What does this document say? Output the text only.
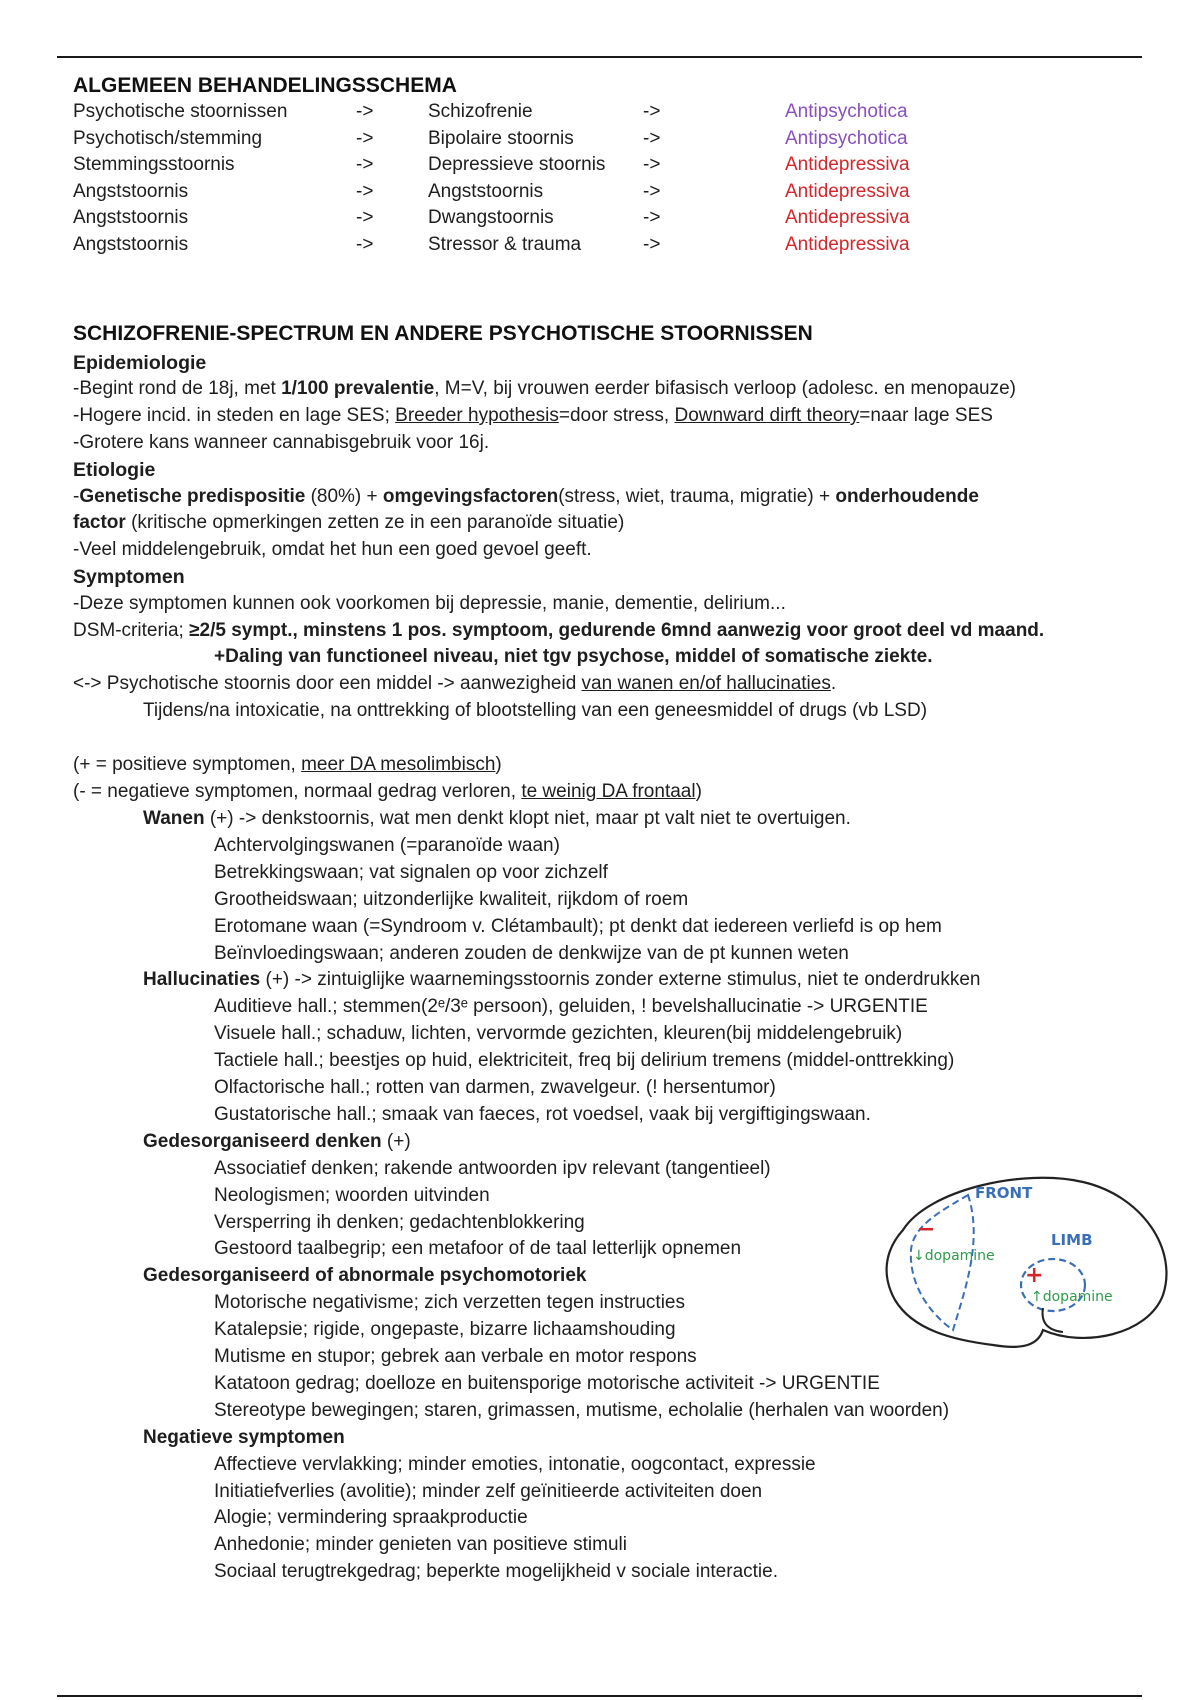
ALGEMEEN BEHANDELINGSSCHEMA
Psychotische stoornissen	->	Schizofrenie	->	Antipsychotica
Psychotisch/stemming	->	Bipolaire stoornis	->	Antipsychotica
Stemmingsstoornis	->	Depressieve stoornis ->	Antidepressiva
Angststoornis	->	Angststoornis	->	Antidepressiva
Angststoornis	->	Dwangstoornis	->	Antidepressiva
Angststoornis	->	Stressor & trauma	->	Antidepressiva
SCHIZOFRENIE-SPECTRUM EN ANDERE PSYCHOTISCHE STOORNISSEN
Epidemiologie
-Begint rond de 18j, met 1/100 prevalentie, M=V, bij vrouwen eerder bifasisch verloop (adolesc. en menopauze)
-Hogere incid. in steden en lage SES; Breeder hypothesis=door stress, Downward dirft theory=naar lage SES
-Grotere kans wanneer cannabisgebruik voor 16j.
Etiologie
-Genetische predispositie (80%) + omgevingsfactoren(stress, wiet, trauma, migratie) + onderhoudende
factor (kritische opmerkingen zetten ze in een paranoïde situatie)
-Veel middelengebruik, omdat het hun een goed gevoel geeft.
Symptomen
-Deze symptomen kunnen ook voorkomen bij depressie, manie, dementie, delirium...
DSM-criteria; ≥2/5 sympt., minstens 1 pos. symptoom, gedurende 6mnd aanwezig voor groot deel vd maand.
+Daling van functioneel niveau, niet tgv psychose, middel of somatische ziekte.
<-> Psychotische stoornis door een middel -> aanwezigheid van wanen en/of hallucinaties.
Tijdens/na intoxicatie, na onttrekking of blootstelling van een geneesmiddel of drugs (vb LSD)
(+ = positieve symptomen, meer DA mesolimbisch)
(- = negatieve symptomen, normaal gedrag verloren, te weinig DA frontaal)
Wanen (+) -> denkstoornis, wat men denkt klopt niet, maar pt valt niet te overtuigen.
Achtervolgingswanen (=paranoïde waan)
Betrekkingswaan; vat signalen op voor zichzelf
Grootheidswaan; uitzonderlijke kwaliteit, rijkdom of roem
Erotomane waan (=Syndroom v. Clétambault); pt denkt dat iedereen verliefd is op hem
Beïnvloedingswaan; anderen zouden de denkwijze van de pt kunnen weten
Hallucinaties (+) -> zintuiglijke waarnemingsstoornis zonder externe stimulus, niet te onderdrukken
Auditieve hall.; stemmen(2ᵉ/3ᵉ persoon), geluiden, ! bevelshallucinatie -> URGENTIE
Visuele hall.; schaduw, lichten, vervormde gezichten, kleuren(bij middelengebruik)
Tactiele hall.; beestjes op huid, elektriciteit, freq bij delirium tremens (middel-onttrekking)
Olfactorische hall.; rotten van darmen, zwavelgeur. (! hersentumor)
Gustatorische hall.; smaak van faeces, rot voedsel, vaak bij vergiftigingswaan.
Gedesorganiseerd denken (+)
Associatief denken; rakende antwoorden ipv relevant (tangentieel)
Neologismen; woorden uitvinden
Versperring ih denken; gedachtenblokkering
Gestoord taalbegrip; een metafoor of de taal letterlijk opnemen
Gedesorganiseerd of abnormale psychomotoriek
Motorische negativisme; zich verzetten tegen instructies
Katalepsie; rigide, ongepaste, bizarre lichaamshouding
Mutisme en stupor; gebrek aan verbale en motor respons
Katatoon gedrag; doelloze en buitensporige motorische activiteit -> URGENTIE
Stereotype bewegingen; staren, grimassen, mutisme, echolalie (herhalen van woorden)
Negatieve symptomen
Affectieve vervlakking; minder emoties, intonatie, oogcontact, expressie
Initiatiefverlies (avolitie); minder zelf geïnitieerde activiteiten doen
Alogie; vermindering spraakproductie
Anhedonie; minder genieten van positieve stimuli
Sociaal terugtrekgedrag; beperkte mogelijkheid v sociale interactie.
FRONT
−
↓dopamine
LIMB
+
↑dopamine
